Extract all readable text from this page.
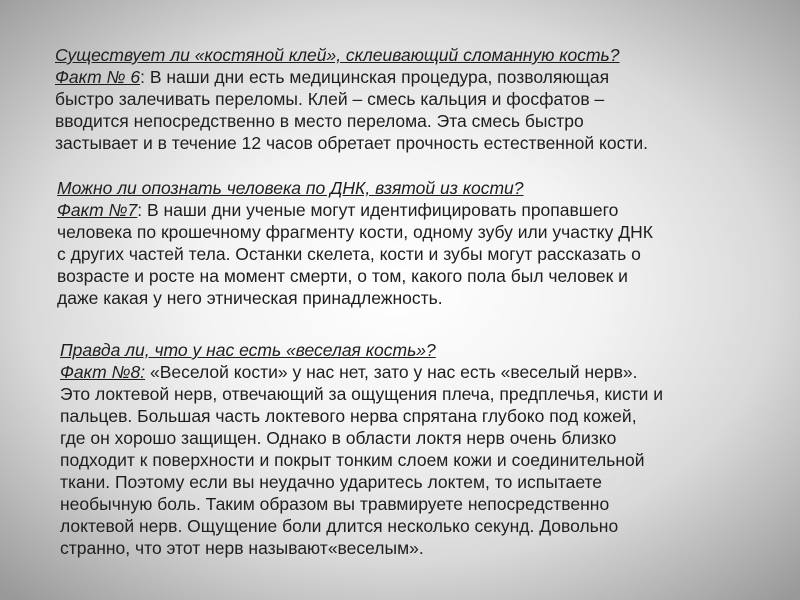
Существует ли «костяной клей», склеивающий сломанную кость?
Факт № 6: В наши дни есть медицинская процедура, позволяющая
быстро залечивать переломы. Клей – смесь кальция и фосфатов –
вводится непосредственно в место перелома. Эта смесь быстро
застывает и в течение 12 часов обретает прочность естественной кости.
Можно ли опознать человека по ДНК, взятой из кости?
Факт №7: В наши дни ученые могут идентифицировать пропавшего
человека по крошечному фрагменту кости, одному зубу или участку ДНК
с других частей тела. Останки скелета, кости и зубы могут рассказать о
возрасте и росте на момент смерти, о том, какого пола был человек и
даже какая у него этническая принадлежность.
Правда ли, что у нас есть «веселая кость»?
Факт №8: «Веселой кости» у нас нет, зато у нас есть «веселый нерв».
Это локтевой нерв, отвечающий за ощущения плеча, предплечья, кисти и
пальцев. Большая часть локтевого нерва спрятана глубоко под кожей,
где он хорошо защищен. Однако в области локтя нерв очень близко
подходит к поверхности и покрыт тонким слоем кожи и соединительной
ткани. Поэтому если вы неудачно ударитесь локтем, то испытаете
необычную боль. Таким образом вы травмируете непосредственно
локтевой нерв. Ощущение боли длится несколько секунд. Довольно
странно, что этот нерв называют«веселым».
